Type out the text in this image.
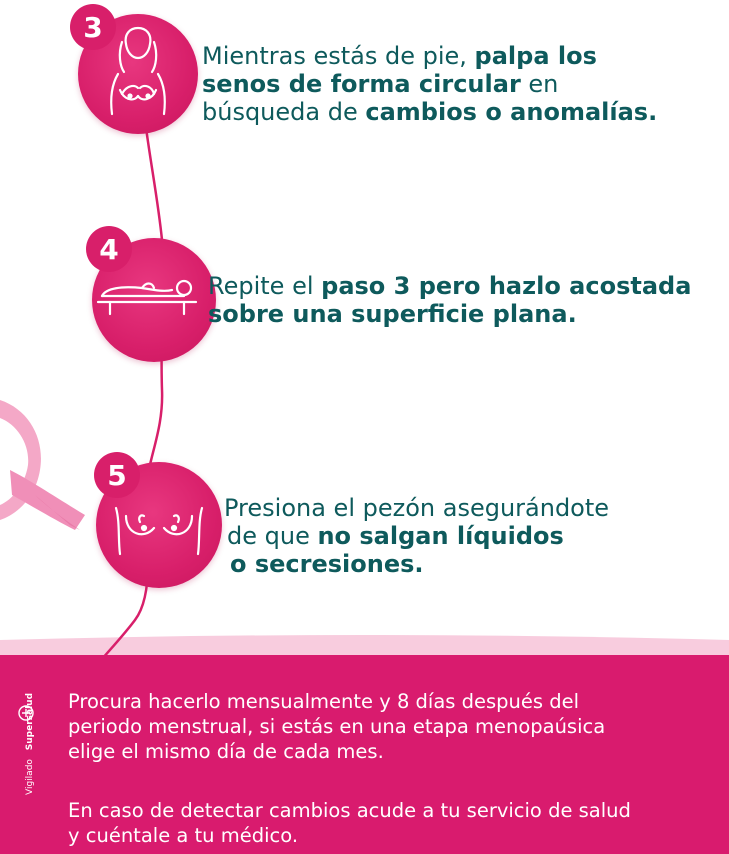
3
Mientras estás de pie, palpa los
senos de forma circular en
búsqueda de cambios o anomalías.
4
Repite el paso 3 pero hazlo acostada
sobre una superficie plana.
5
Presiona el pezón asegurándote
de que no salgan líquidos
o secresiones.
Vigilado Supersalud Procura hacerlo mensualmente y 8 días después del
periodo menstrual, si estás en una etapa menopaúsica
elige el mismo día de cada mes.
En caso de detectar cambios acude a tu servicio de salud
y cuéntale a tu médico.
